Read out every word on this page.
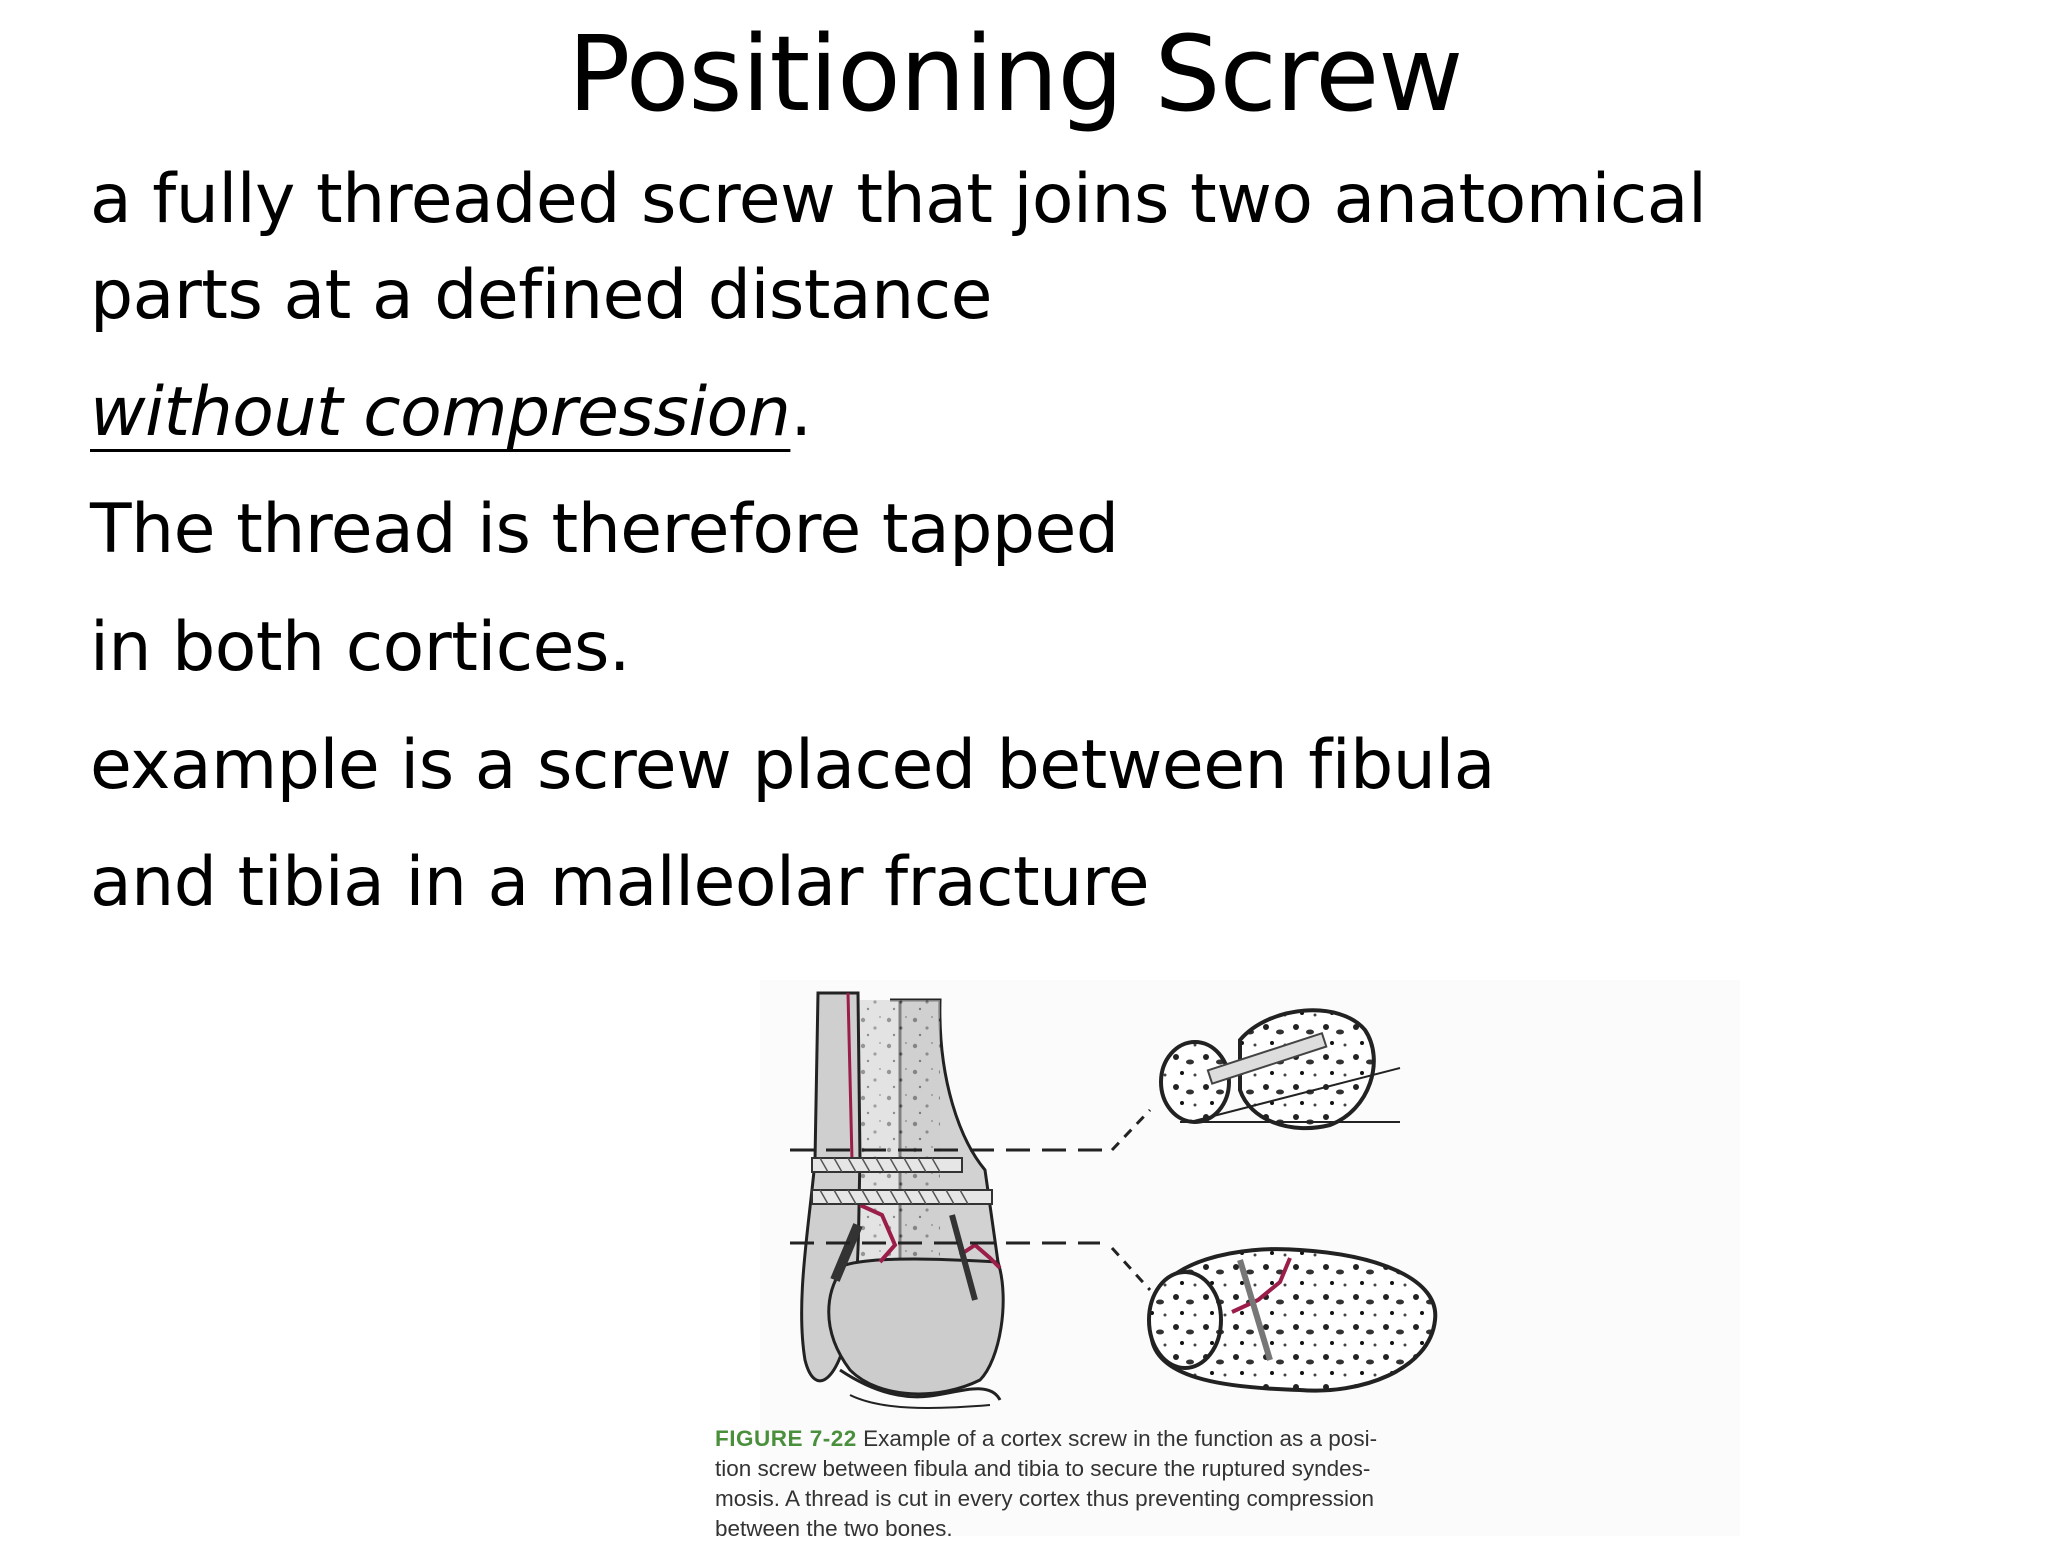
Positioning Screw
a fully threaded screw that joins two anatomical
parts at a defined distance
without compression.
The thread is therefore tapped
in both cortices.
example is a screw placed between fibula
and tibia in a malleolar fracture
FIGURE 7-22 Example of a cortex screw in the function as a posi-
tion screw between fibula and tibia to secure the ruptured syndes-
mosis. A thread is cut in every cortex thus preventing compression
between the two bones.
